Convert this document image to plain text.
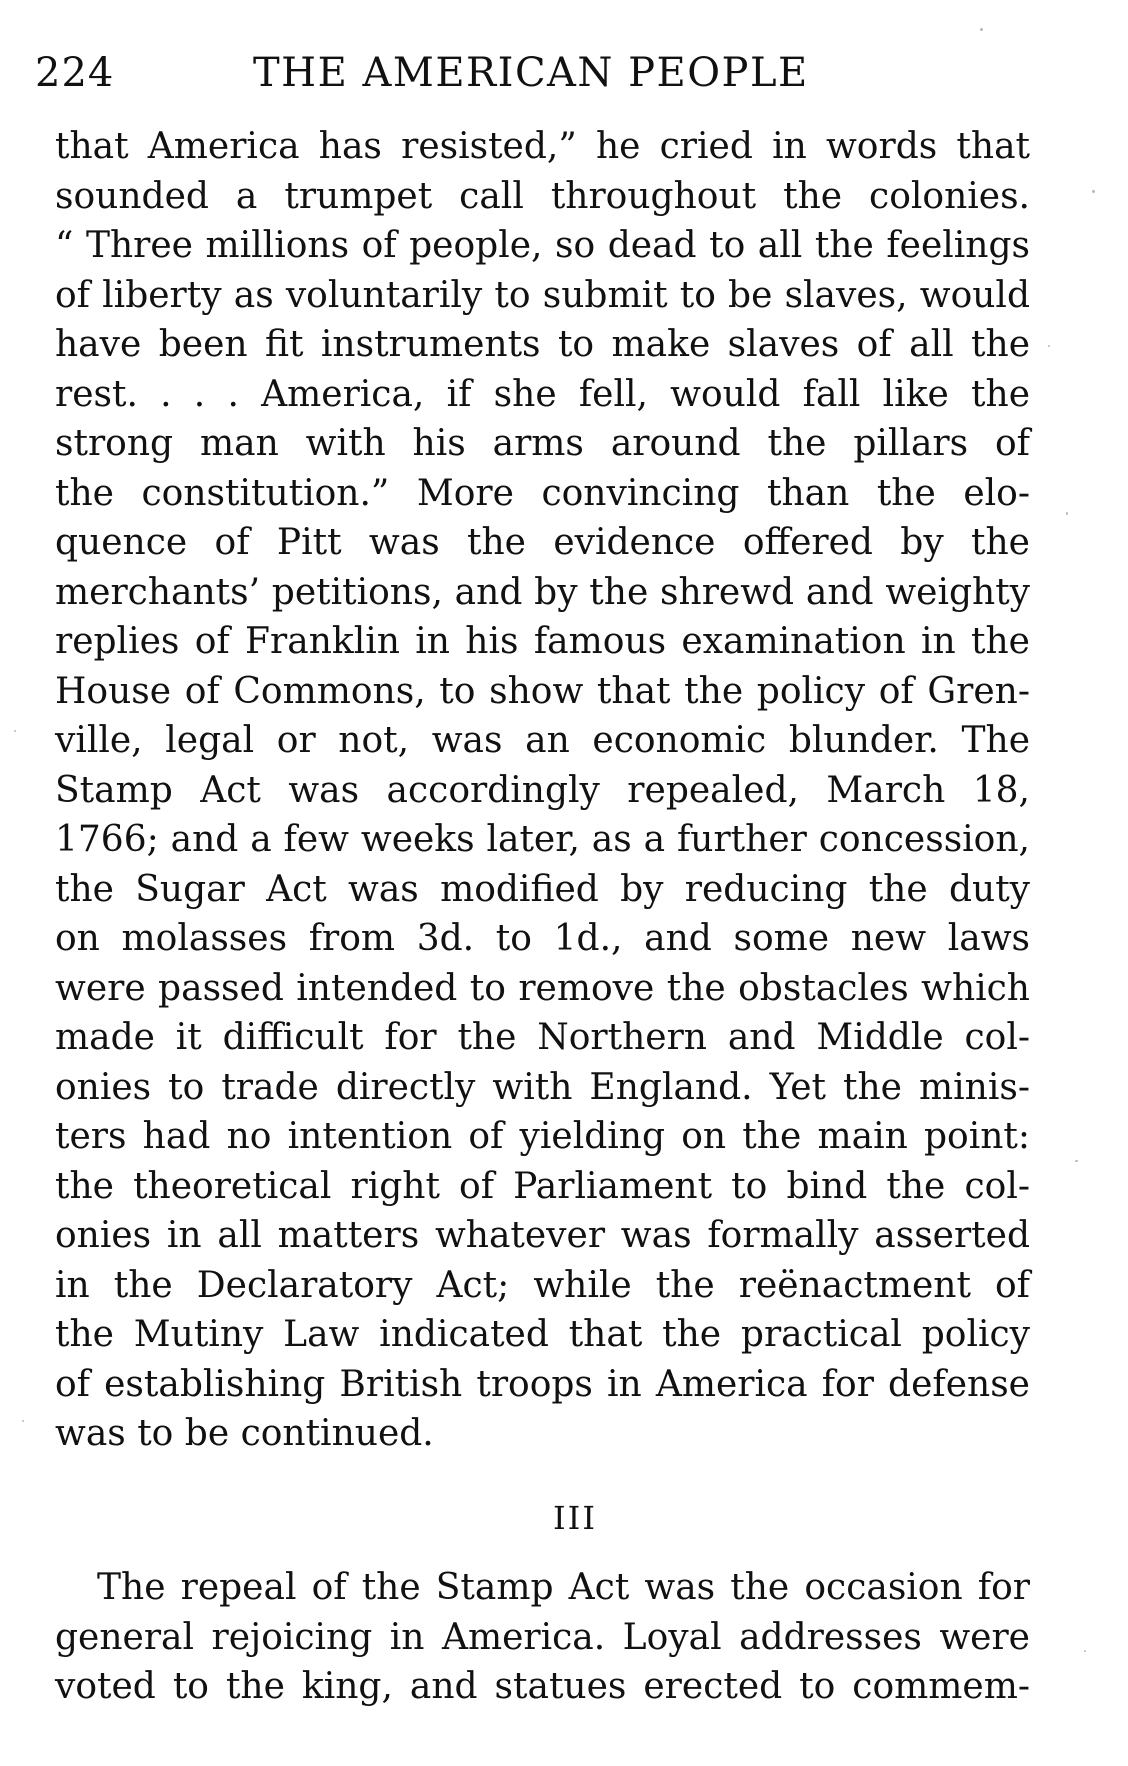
224	THE AMERICAN PEOPLE
that America has resisted,” he cried in words that
sounded a trumpet call throughout the colonies.
“ Three millions of people, so dead to all the feelings
of liberty as voluntarily to submit to be slaves, would
have been fit instruments to make slaves of all the
rest. . . . America, if she fell, would fall like the
strong man with his arms around the pillars of
the constitution.” More convincing than the elo-
quence of Pitt was the evidence offered by the
merchants’ petitions, and by the shrewd and weighty
replies of Franklin in his famous examination in the
House of Commons, to show that the policy of Gren-
ville, legal or not, was an economic blunder. The
Stamp Act was accordingly repealed, March 18,
1766; and a few weeks later, as a further concession,
the Sugar Act was modified by reducing the duty
on molasses from 3d. to 1d., and some new laws
were passed intended to remove the obstacles which
made it difficult for the Northern and Middle col-
onies to trade directly with England. Yet the minis-
ters had no intention of yielding on the main point:
the theoretical right of Parliament to bind the col-
onies in all matters whatever was formally asserted
in the Declaratory Act; while the reënactment of
the Mutiny Law indicated that the practical policy
of establishing British troops in America for defense
was to be continued.
III
The repeal of the Stamp Act was the occasion for
general rejoicing in America. Loyal addresses were
voted to the king, and statues erected to commem-
